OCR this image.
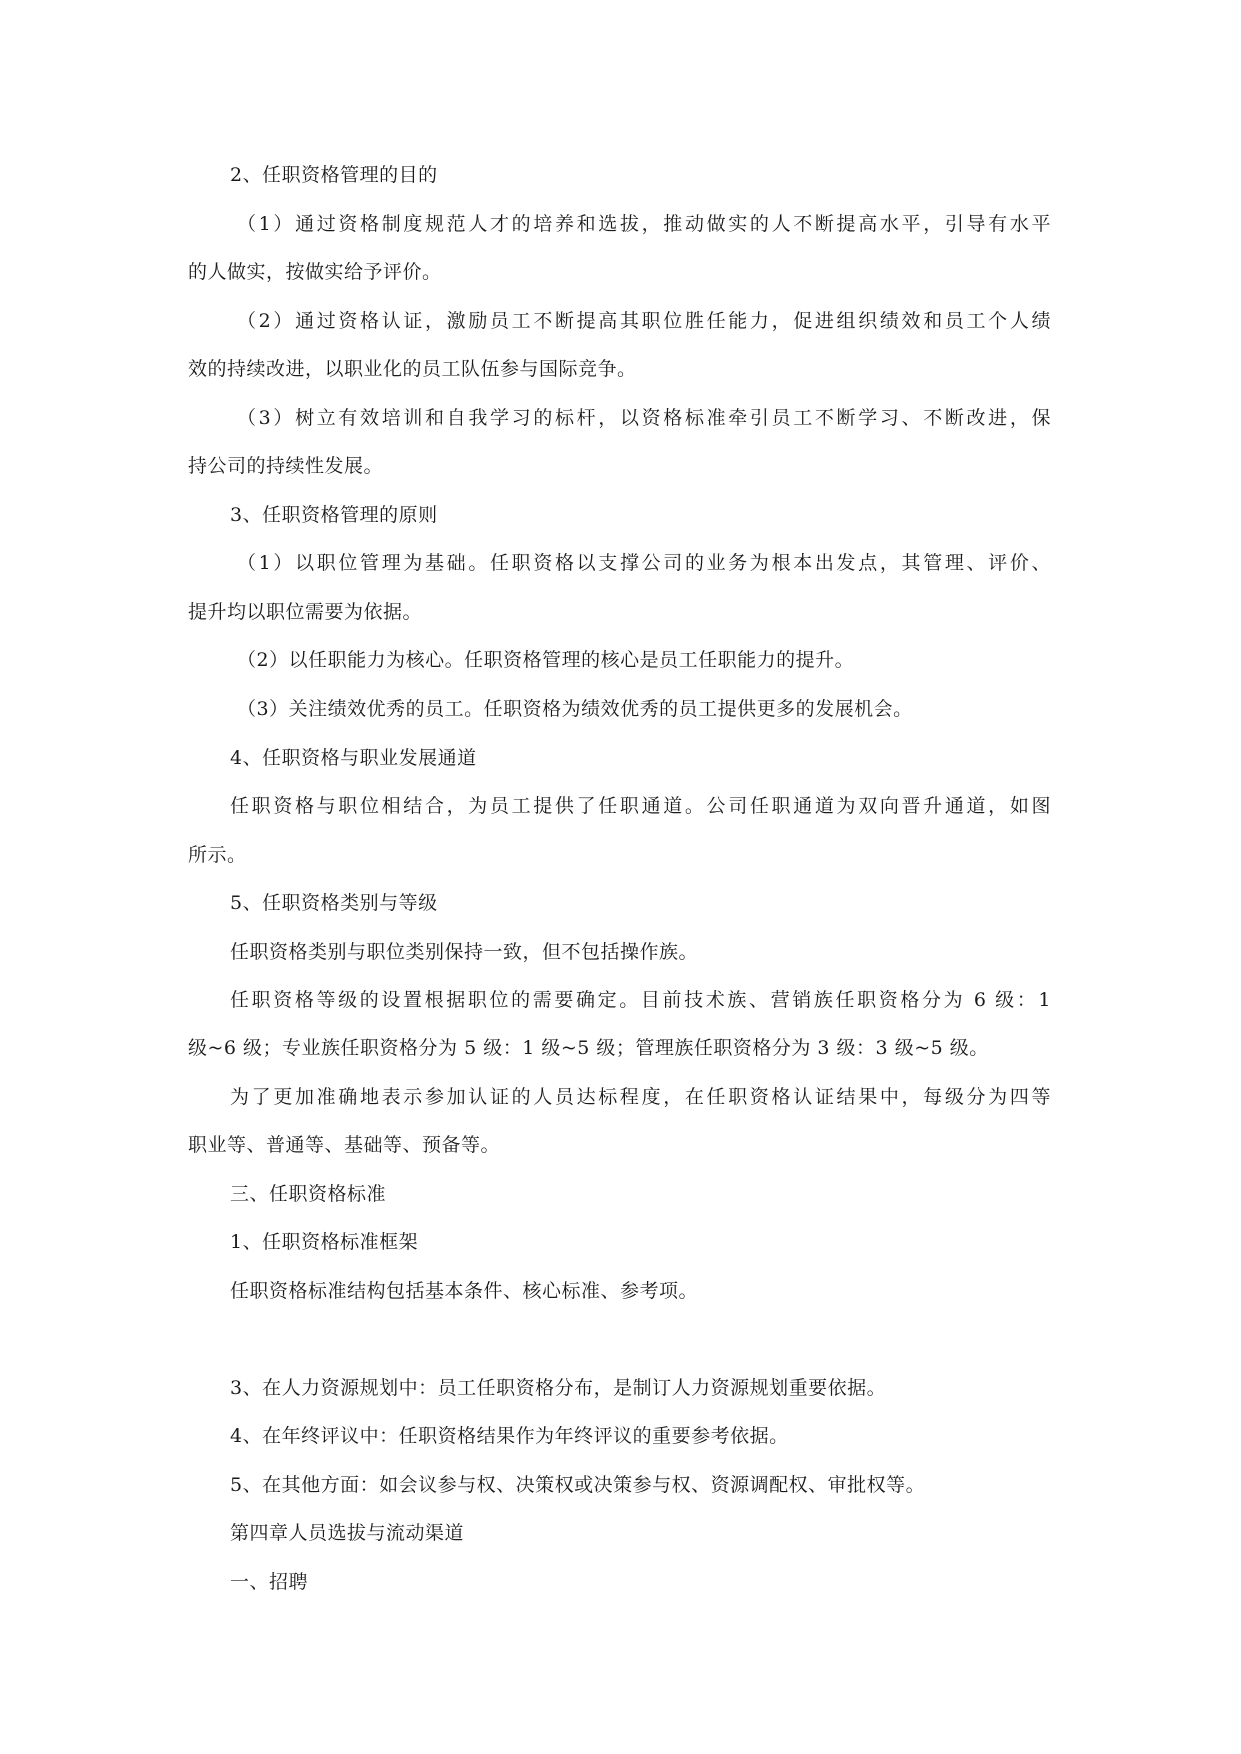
2、任职资格管理的目的
（1）通过资格制度规范人才的培养和选拔，推动做实的人不断提高水平，引导有水平
的人做实，按做实给予评价。
（2）通过资格认证，激励员工不断提高其职位胜任能力，促进组织绩效和员工个人绩
效的持续改进，以职业化的员工队伍参与国际竞争。
（3）树立有效培训和自我学习的标杆，以资格标准牵引员工不断学习、不断改进，保
持公司的持续性发展。
3、任职资格管理的原则
（1）以职位管理为基础。任职资格以支撑公司的业务为根本出发点，其管理、评价、
提升均以职位需要为依据。
（2）以任职能力为核心。任职资格管理的核心是员工任职能力的提升。
（3）关注绩效优秀的员工。任职资格为绩效优秀的员工提供更多的发展机会。
4、任职资格与职业发展通道
任职资格与职位相结合，为员工提供了任职通道。公司任职通道为双向晋升通道，如图
所示。
5、任职资格类别与等级
任职资格类别与职位类别保持一致，但不包括操作族。
任职资格等级的设置根据职位的需要确定。目前技术族、营销族任职资格分为 6 级：1
级~6 级；专业族任职资格分为 5 级：1 级~5 级；管理族任职资格分为 3 级：3 级~5 级。
为了更加准确地表示参加认证的人员达标程度，在任职资格认证结果中，每级分为四等
职业等、普通等、基础等、预备等。
三、任职资格标准
1、任职资格标准框架
任职资格标准结构包括基本条件、核心标准、参考项。
3、在人力资源规划中：员工任职资格分布，是制订人力资源规划重要依据。
4、在年终评议中：任职资格结果作为年终评议的重要参考依据。
5、在其他方面：如会议参与权、决策权或决策参与权、资源调配权、审批权等。
第四章人员选拔与流动渠道
一、招聘
